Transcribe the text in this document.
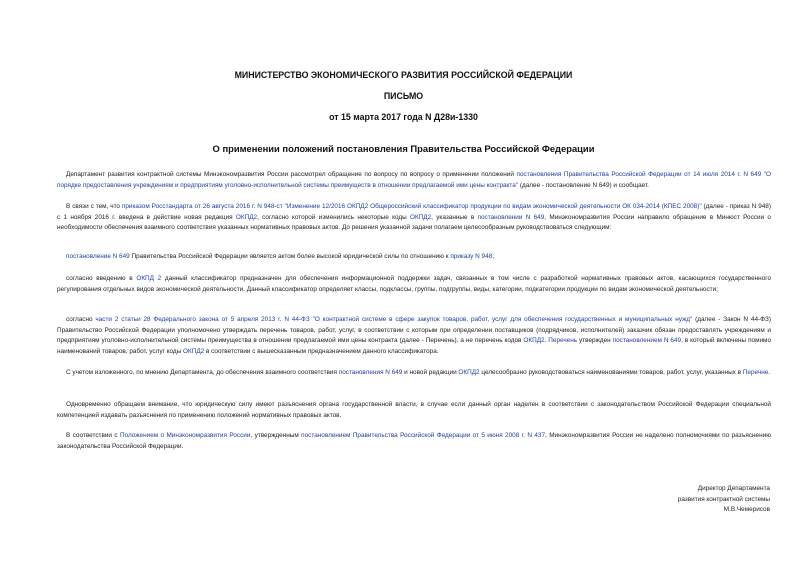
МИНИСТЕРСТВО ЭКОНОМИЧЕСКОГО РАЗВИТИЯ РОССИЙСКОЙ ФЕДЕРАЦИИ
ПИСЬМО
от 15 марта 2017 года N Д28и-1330
О применении положений постановления Правительства Российской Федерации

Департамент развития контрактной системы Минэкономразвития России рассмотрел обращение по вопросу по вопросу о применении положений постановления Правительства Российской Федерации от 14 июля 2014 г. N 649 "О порядке предоставления учреждениям и предприятиям уголовно-исполнительной системы преимуществ в отношении предлагаемой ими цены контракта" (далее - постановление N 649) и сообщает.

В связи с тем, что приказом Росстандарта от 26 августа 2016 г. N 948-ст "Изменение 12/2016 ОКПД2 Общероссийский классификатор продукции по видам экономической деятельности ОК 034-2014 (КПЕС 2008)" (далее - приказ N 948) с 1 ноября 2016 г. введена в действие новая редакция ОКПД2, согласно которой изменились некоторые коды ОКПД2, указанные в постановлении N 649, Минэкономразвития России направило обращение в Минюст России о необходимости обеспечения взаимного соответствия указанных нормативных правовых актов. До решения указанной задачи полагаем целесообразным руководствоваться следующим:

постановление N 649 Правительства Российской Федерации является актом более высокой юридической силы по отношению к приказу N 948;

согласно введению в ОКПД 2 данный классификатор предназначен для обеспечения информационной поддержки задач, связанных в том числе с разработкой нормативных правовых актов, касающихся государственного регулирования отдельных видов экономической деятельности. Данный классификатор определяет классы, подклассы, группы, подгруппы, виды, категории, подкатегории продукции по видам экономической деятельности;

согласно части 2 статьи 28 Федерального закона от 5 апреля 2013 г. N 44-ФЗ "О контрактной системе в сфере закупок товаров, работ, услуг для обеспечения государственных и муниципальных нужд" (далее - Закон N 44-ФЗ) Правительство Российской Федерации уполномочено утверждать перечень товаров, работ, услуг, в соответствии с которым при определении поставщиков (подрядчиков, исполнителей) заказчик обязан предоставлять учреждениям и предприятиям уголовно-исполнительной системы преимущества в отношении предлагаемой ими цены контракта (далее - Перечень), а не перечень кодов ОКПД2. Перечень утвержден постановлением N 649, в который включены помимо наименований товаров, работ, услуг коды ОКПД2 в соответствии с вышесказанным предназначением данного классификатора.

С учетом изложенного, по мнению Департамента, до обеспечения взаимного соответствия постановления N 649 и новой редакции ОКПД2 целесообразно руководствоваться наименованиями товаров, работ, услуг, указанных в Перечне.

Одновременно обращаем внимание, что юридическую силу имеют разъяснения органа государственной власти, в случае если данный орган наделен в соответствии с законодательством Российской Федерации специальной компетенцией издавать разъяснения по применению положений нормативных правовых актов.

В соответствии с Положением о Минэкономразвития России, утвержденным постановлением Правительства Российской Федерации от 5 июня 2008 г. N 437, Минэкономразвития России не наделено полномочиями по разъяснению законодательства Российской Федерации.

Директор Департамента
развития контрактной системы
М.В.Чемерисов
